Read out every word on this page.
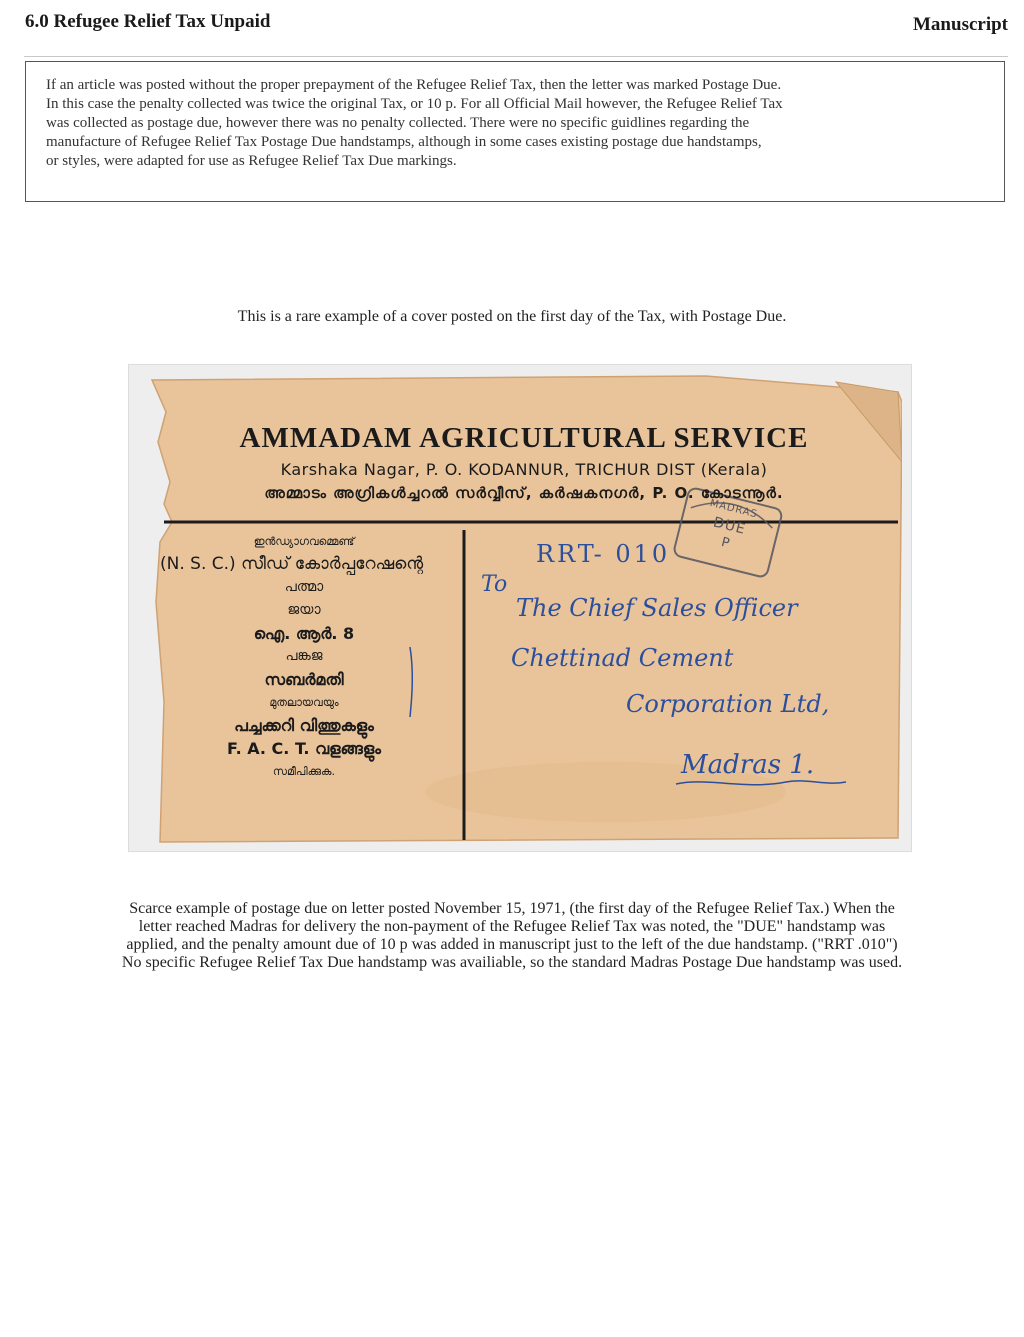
6.0 Refugee Relief Tax Unpaid	Manuscript
If an article was posted without the proper prepayment of the Refugee Relief Tax, then the letter was marked Postage Due.
In this case the penalty collected was twice the original Tax, or 10 p. For all Official Mail however, the Refugee Relief Tax
was collected as postage due, however there was no penalty collected. There were no specific guidlines regarding the
manufacture of Refugee Relief Tax Postage Due handstamps, although in some cases existing postage due handstamps,
or styles, were adapted for use as Refugee Relief Tax Due markings.
This is a rare example of a cover posted on the first day of the Tax, with Postage Due.
AMMADAM AGRICULTURAL SERVICE
Karshaka Nagar, P. O. KODANNUR, TRICHUR DIST (Kerala)
അമ്മാടം അഗ്രികൾച്ചറൽ സർവ്വീസ്, കർഷകനഗർ, P. O. കോടന്നൂർ.
ഇൻഡ്യാഗവമ്മെണ്ട്
(N. S. C.) സീഡ് കോർപ്പറേഷന്റെ
പത്മാ
ജയാ
ഐ. ആർ. 8
പങ്കജ
സബർമതി
മുതലായവയും
പച്ചക്കറി വിത്തുകളും
F. A. C. T. വളങ്ങളും
സമീപിക്കുക.
MADRAS
DUE
P
RRT- 010
To
The Chief Sales Officer
Chettinad Cement
Corporation Ltd,
Madras 1.
Scarce example of postage due on letter posted November 15, 1971, (the first day of the Refugee Relief Tax.) When the
letter reached Madras for delivery the non-payment of the Refugee Relief Tax was noted, the "DUE" handstamp was
applied, and the penalty amount due of 10 p was added in manuscript just to the left of the due handstamp. ("RRT .010")
No specific Refugee Relief Tax Due handstamp was availiable, so the standard Madras Postage Due handstamp was used.
